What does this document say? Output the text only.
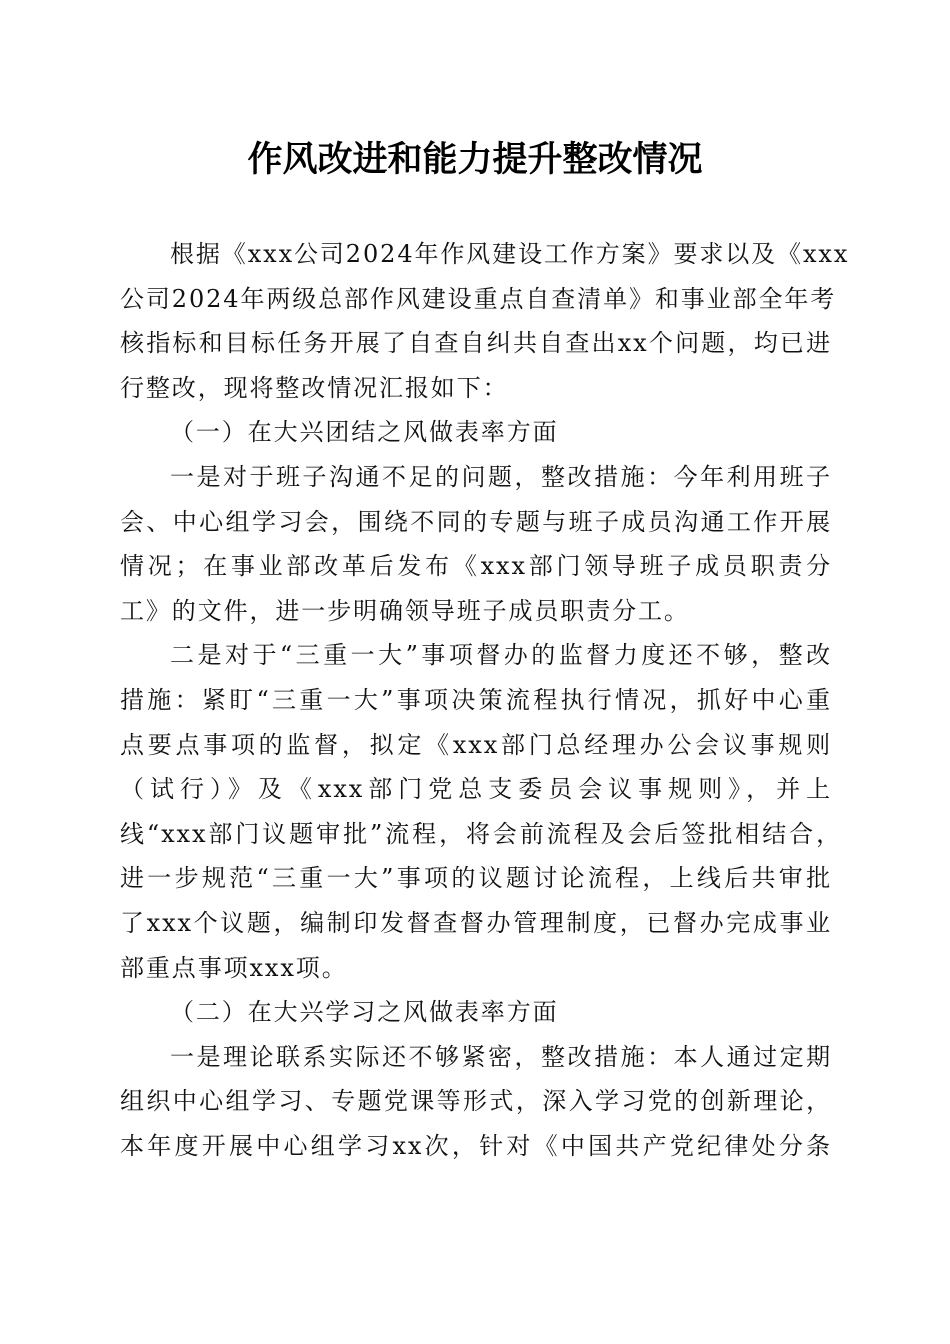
作风改进和能力提升整改情况
根据《xxx公司2024年作风建设工作方案》要求以及《xxx
公司2024年两级总部作风建设重点自查清单》和事业部全年考
核指标和目标任务开展了自查自纠共自查出xx个问题，均已进
行整改，现将整改情况汇报如下：
（一）在大兴团结之风做表率方面
一是对于班子沟通不足的问题，整改措施：今年利用班子
会、中心组学习会，围绕不同的专题与班子成员沟通工作开展
情况；在事业部改革后发布《xxx部门领导班子成员职责分
工》的文件，进一步明确领导班子成员职责分工。
二是对于“三重一大”事项督办的监督力度还不够，整改
措施：紧盯“三重一大”事项决策流程执行情况，抓好中心重
点要点事项的监督，拟定《xxx部门总经理办公会议事规则
（试行）》及《xxx部门党总支委员会议事规则》，并上
线“xxx部门议题审批”流程，将会前流程及会后签批相结合，
进一步规范“三重一大”事项的议题讨论流程，上线后共审批
了xxx个议题，编制印发督查督办管理制度，已督办完成事业
部重点事项xxx项。
（二）在大兴学习之风做表率方面
一是理论联系实际还不够紧密，整改措施：本人通过定期
组织中心组学习、专题党课等形式，深入学习党的创新理论，
本年度开展中心组学习xx次，针对《中国共产党纪律处分条
